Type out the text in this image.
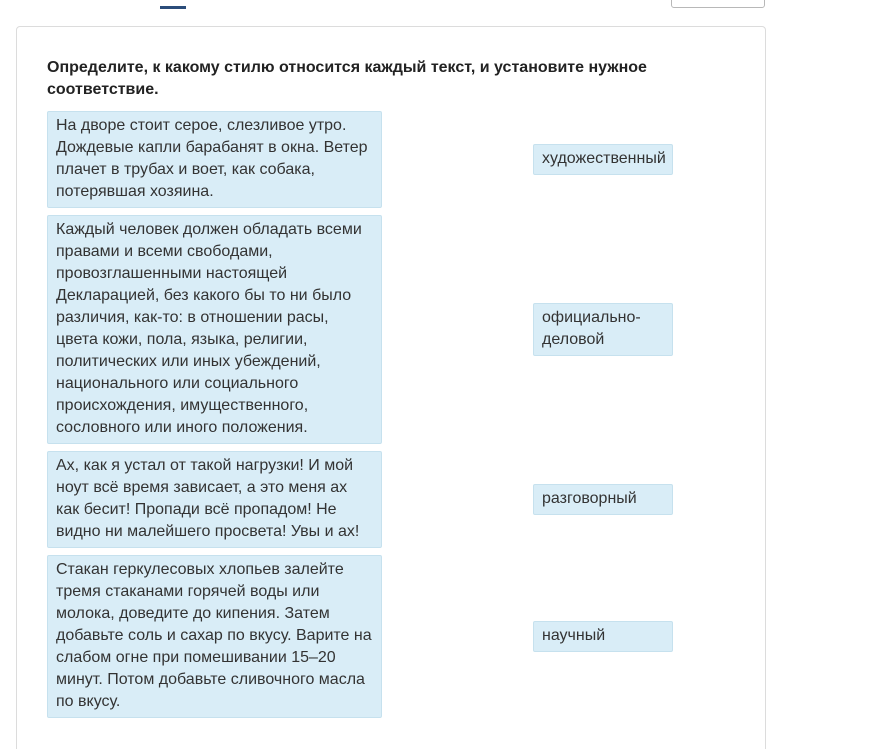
Определите, к какому стилю относится каждый текст, и установите нужное соответствие.

На дворе стоит серое, слезливое утро. Дождевые капли барабанят в окна. Ветер плачет в трубах и воет, как собака, потерявшая хозяина.
Каждый человек должен обладать всеми правами и всеми свободами, провозглашенными настоящей Декларацией, без какого бы то ни было различия, как-то: в отношении расы, цвета кожи, пола, языка, религии, политических или иных убеждений, национального или социального происхождения, имущественного, сословного или иного положения.
Ах, как я устал от такой нагрузки! И мой ноут всё время зависает, а это меня ах как бесит! Пропади всё пропадом! Не видно ни малейшего просвета! Увы и ах!
Стакан геркулесовых хлопьев залейте тремя стаканами горячей воды или молока, доведите до кипения. Затем добавьте соль и сахар по вкусу. Варите на слабом огне при помешивании 15–20 минут. Потом добавьте сливочного масла по вкусу.
художественный
официально-деловой
разговорный
научный
